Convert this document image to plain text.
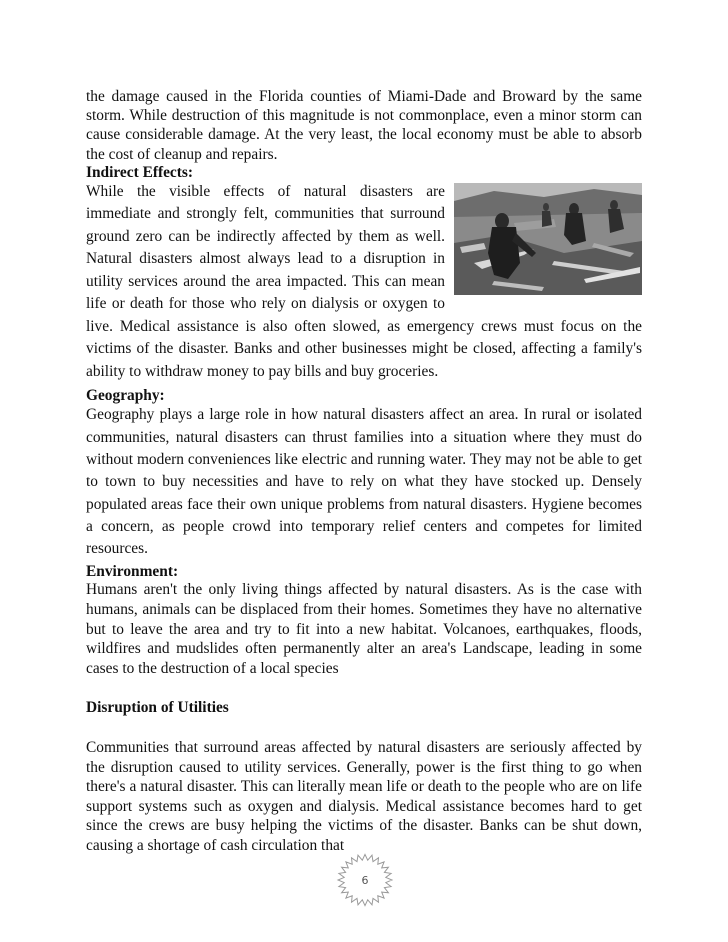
the damage caused in the Florida counties of Miami-Dade and Broward by the same storm. While destruction of this magnitude is not commonplace, even a minor storm can cause considerable damage. At the very least, the local economy must be able to absorb the cost of cleanup and repairs.

Indirect Effects:

While the visible effects of natural disasters are immediate and strongly felt, communities that surround ground zero can be indirectly affected by them as well. Natural disasters almost always lead to a disruption in utility services around the area impacted. This can mean life or death for those who rely on dialysis or oxygen to live. Medical assistance is also often slowed, as emergency crews must focus on the victims of the disaster. Banks and other businesses might be closed, affecting a family's ability to withdraw money to pay bills and buy groceries.

Geography:

Geography plays a large role in how natural disasters affect an area. In rural or isolated communities, natural disasters can thrust families into a situation where they must do without modern conveniences like electric and running water. They may not be able to get to town to buy necessities and have to rely on what they have stocked up. Densely populated areas face their own unique problems from natural disasters. Hygiene becomes a concern, as people crowd into temporary relief centers and competes for limited resources.

Environment:

Humans aren't the only living things affected by natural disasters. As is the case with humans, animals can be displaced from their homes. Sometimes they have no alternative but to leave the area and try to fit into a new habitat. Volcanoes, earthquakes, floods, wildfires and mudslides often permanently alter an area's Landscape, leading in some cases to the destruction of a local species

Disruption of Utilities

Communities that surround areas affected by natural disasters are seriously affected by the disruption caused to utility services. Generally, power is the first thing to go when there's a natural disaster. This can literally mean life or death to the people who are on life support systems such as oxygen and dialysis. Medical assistance becomes hard to get since the crews are busy helping the victims of the disaster. Banks can be shut down, causing a shortage of cash circulation that

6
